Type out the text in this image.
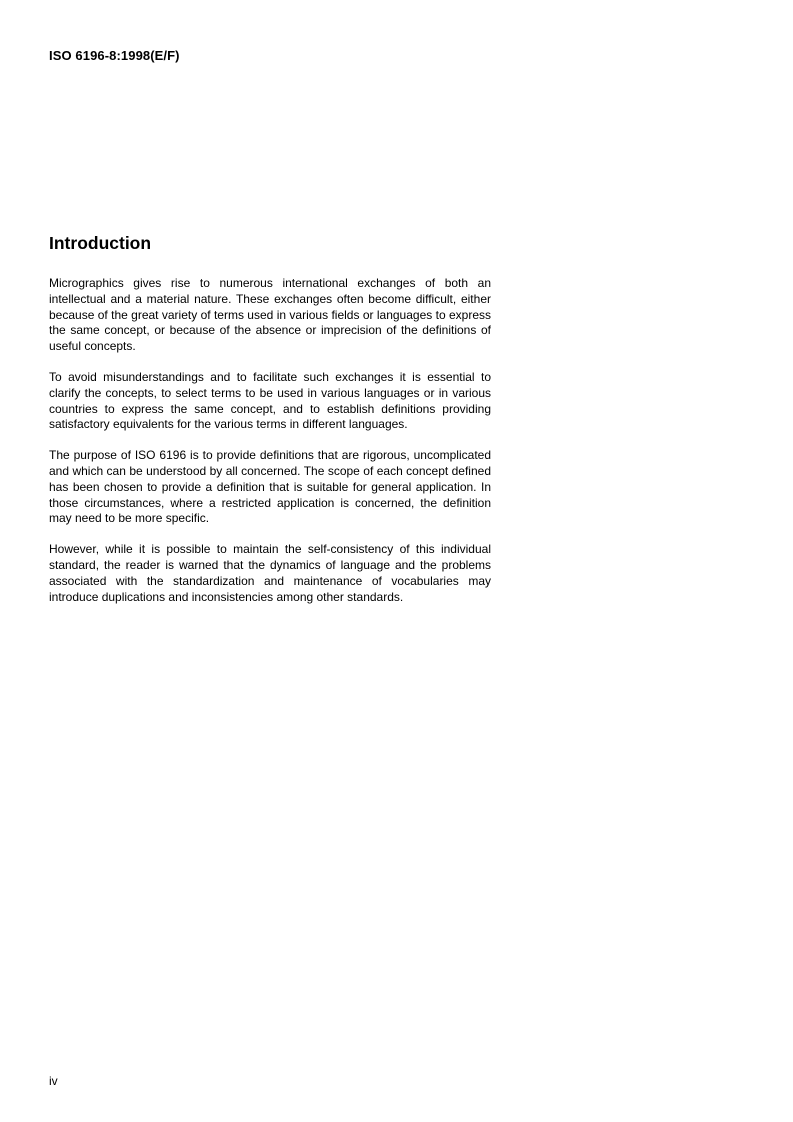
ISO 6196-8:1998(E/F)
Introduction

Micrographics gives rise to numerous international exchanges of both an intellectual and a material nature. These exchanges often become difficult, either because of the great variety of terms used in various fields or languages to express the same concept, or because of the absence or imprecision of the definitions of useful concepts.

To avoid misunderstandings and to facilitate such exchanges it is essential to clarify the concepts, to select terms to be used in various languages or in various countries to express the same concept, and to establish definitions providing satisfactory equivalents for the various terms in different languages.

The purpose of ISO 6196 is to provide definitions that are rigorous, uncomplicated and which can be understood by all concerned. The scope of each concept defined has been chosen to provide a definition that is suitable for general application. In those circumstances, where a restricted application is concerned, the definition may need to be more specific.

However, while it is possible to maintain the self-consistency of this individual standard, the reader is warned that the dynamics of language and the problems associated with the standardization and maintenance of vocabularies may introduce duplications and inconsistencies among other standards.

iv
